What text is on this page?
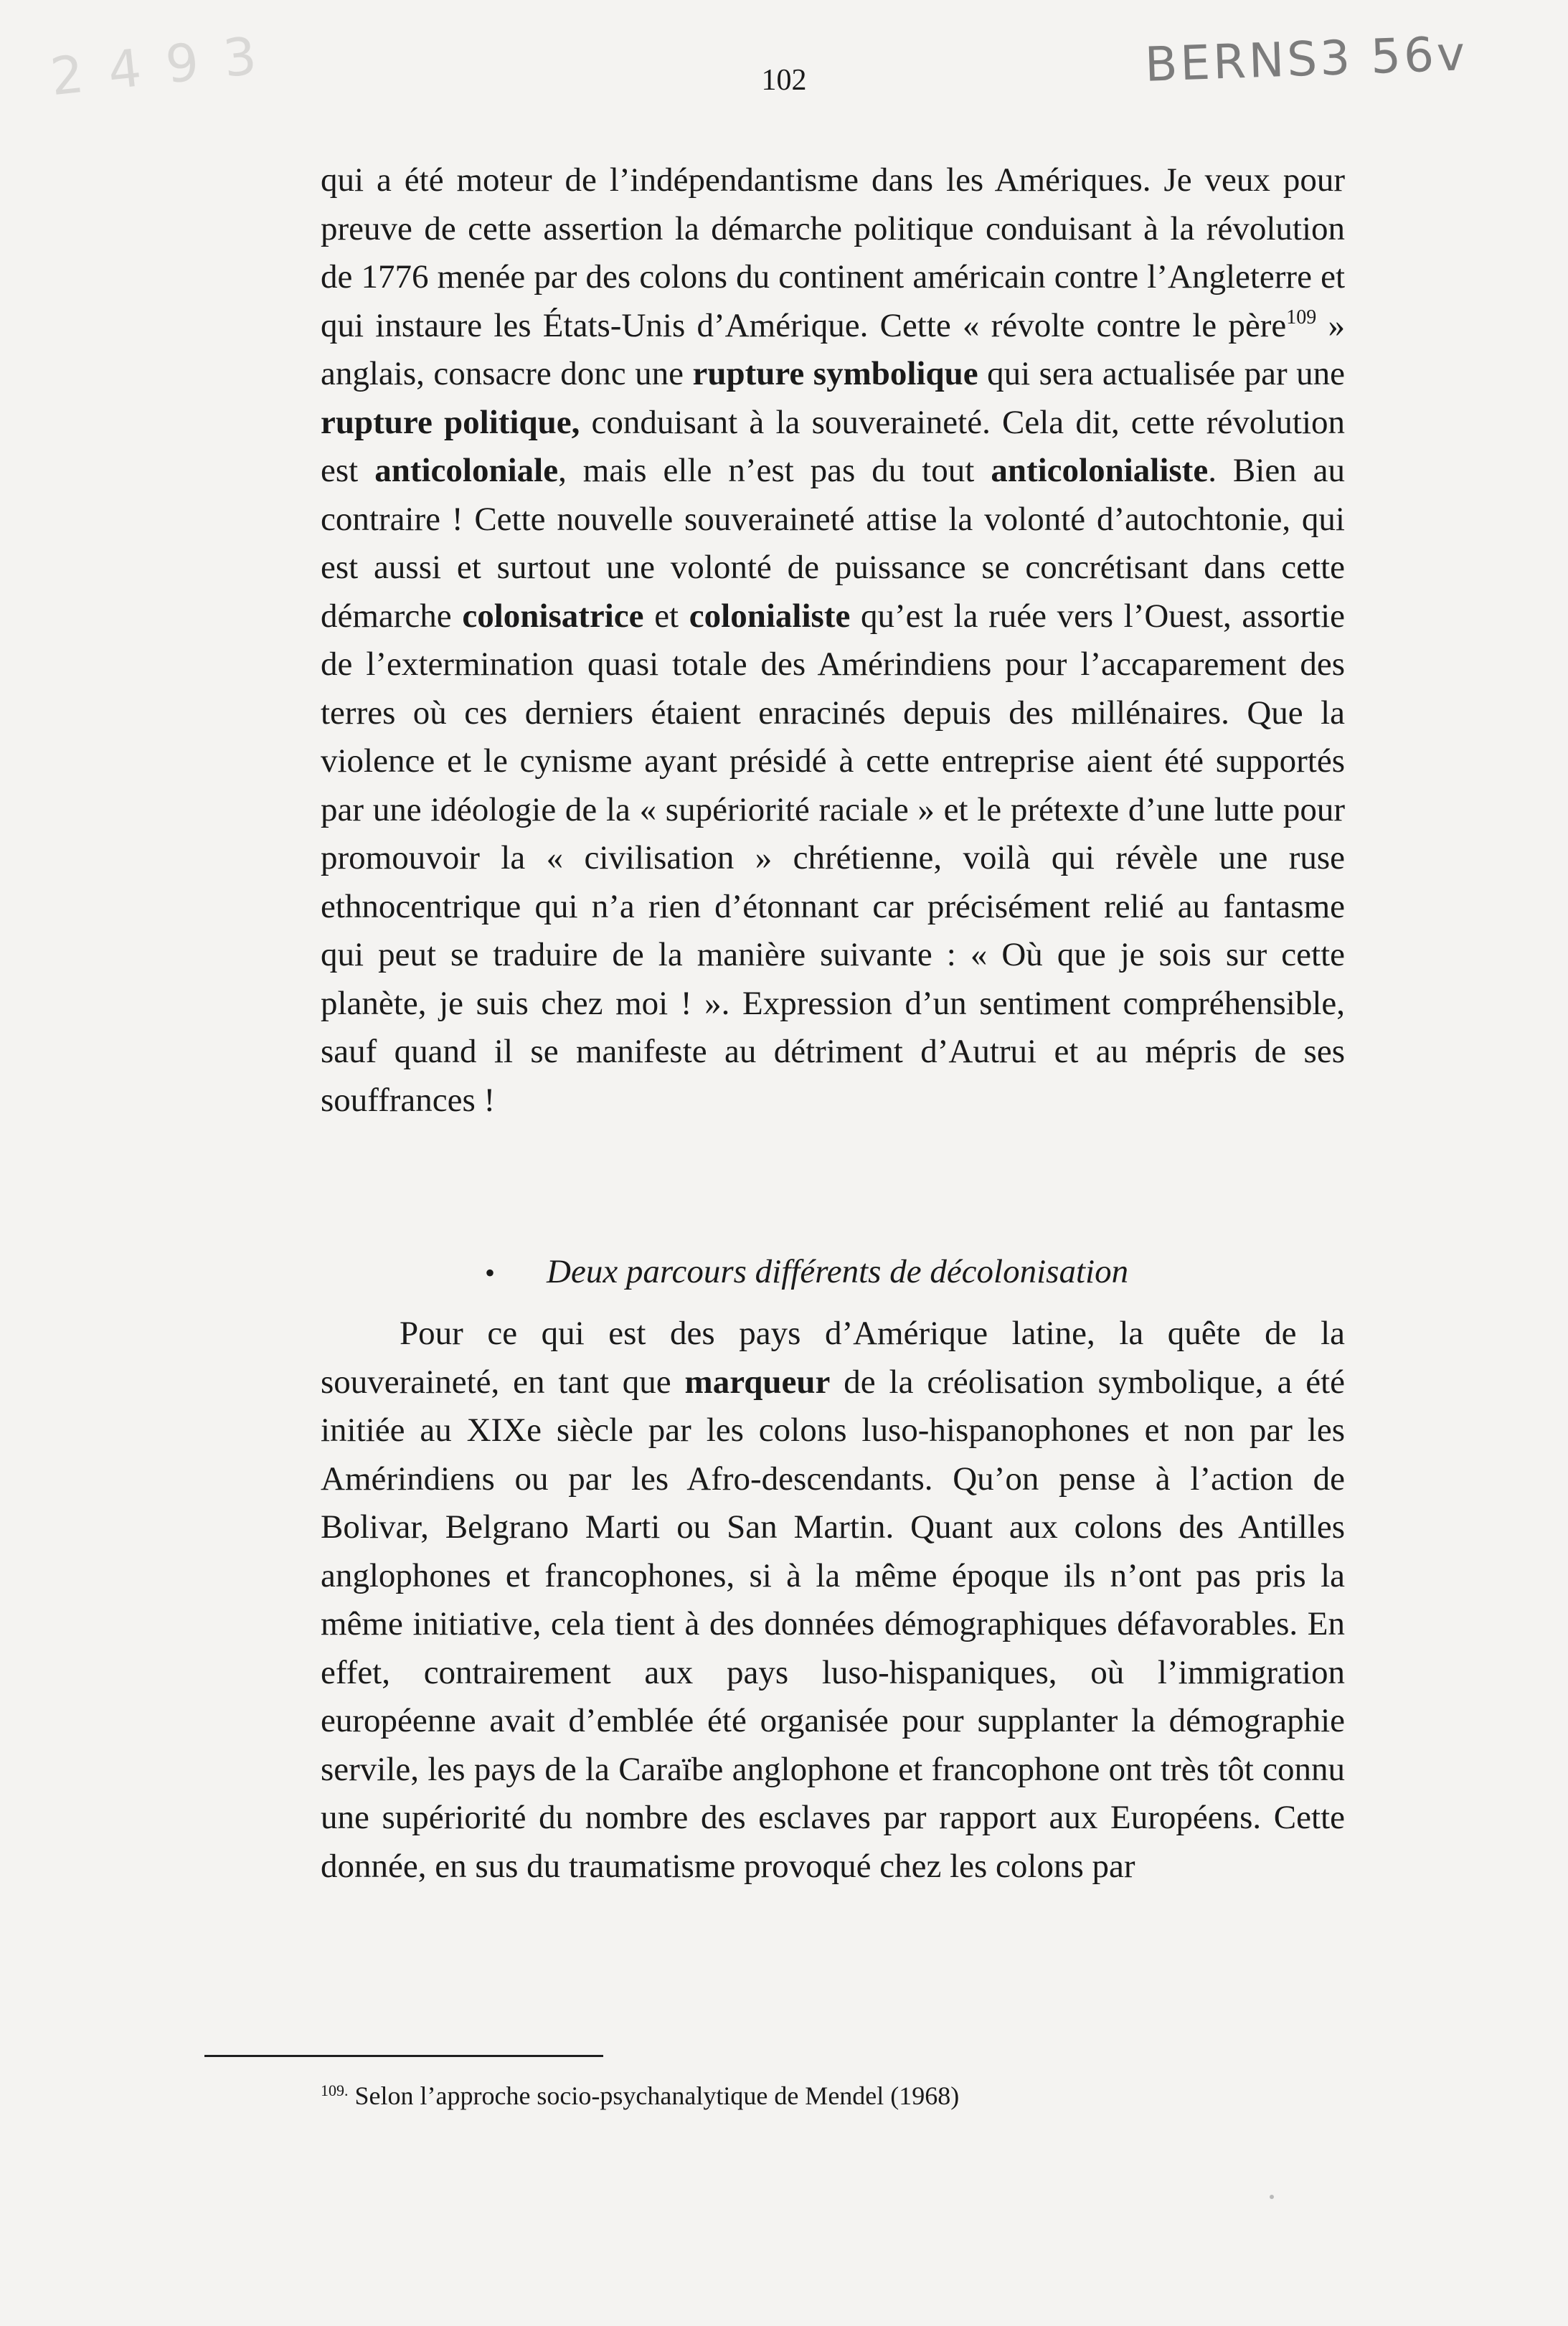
2 4 9 3	BERNS3 56v
102

qui a été moteur de l’indépendantisme dans les Amériques. Je veux pour preuve de cette assertion la démarche politique conduisant à la révolution de 1776 menée par des colons du continent américain contre l’Angleterre et qui instaure les États-Unis d’Amérique. Cette « révolte contre le père$^{109}$ » anglais, consacre donc une rupture symbolique qui sera actualisée par une rupture politique, conduisant à la souveraineté. Cela dit, cette révolution est anticoloniale, mais elle n’est pas du tout anticolonialiste. Bien au contraire ! Cette nouvelle souveraineté attise la volonté d’autochtonie, qui est aussi et surtout une volonté de puissance se concrétisant dans cette démarche colonisatrice et colonialiste qu’est la ruée vers l’Ouest, assortie de l’extermination quasi totale des Amérindiens pour l’accaparement des terres où ces derniers étaient enracinés depuis des millénaires. Que la violence et le cynisme ayant présidé à cette entreprise aient été supportés par une idéologie de la « supériorité raciale » et le prétexte d’une lutte pour promouvoir la « civilisation » chrétienne, voilà qui révèle une ruse ethnocentrique qui n’a rien d’étonnant car précisément relié au fantasme qui peut se traduire de la manière suivante : « Où que je sois sur cette planète, je suis chez moi ! ». Expression d’un sentiment compréhensible, sauf quand il se manifeste au détriment d’Autrui et au mépris de ses souffrances !

• Deux parcours différents de décolonisation

Pour ce qui est des pays d’Amérique latine, la quête de la souveraineté, en tant que marqueur de la créolisation symbolique, a été initiée au XIXe siècle par les colons luso-hispanophones et non par les Amérindiens ou par les Afro-descendants. Qu’on pense à l’action de Bolivar, Belgrano Marti ou San Martin. Quant aux colons des Antilles anglophones et francophones, si à la même époque ils n’ont pas pris la même initiative, cela tient à des données démographiques défavorables. En effet, contrairement aux pays luso-hispaniques, où l’immigration européenne avait d’emblée été organisée pour supplanter la démographie servile, les pays de la Caraïbe anglophone et francophone ont très tôt connu une supériorité du nombre des esclaves par rapport aux Européens. Cette donnée, en sus du traumatisme provoqué chez les colons par

$^{109.}$ Selon l’approche socio-psychanalytique de Mendel (1968)
